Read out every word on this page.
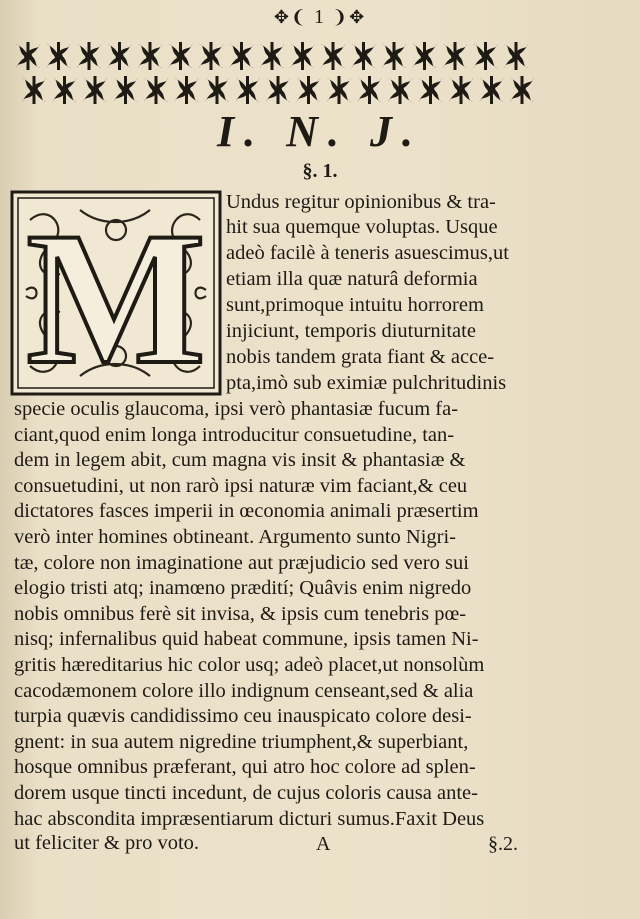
✥❨ 1 ❩✥
I. N. J.
§. 1.
M Undus regitur opinionibus & tra-
hit sua quemque voluptas. Usque
adeò facilè à teneris asuescimus,ut
etiam illa quæ naturâ deformia
sunt,primoque intuitu horrorem
injiciunt, temporis diuturnitate
nobis tandem grata fiant & acce-
pta,imò sub eximiæ pulchritudinis
specie oculis glaucoma, ipsi verò phantasiæ fucum fa-
ciant,quod enim longa introducitur consuetudine, tan-
dem in legem abit, cum magna vis insit & phantasiæ &
consuetudini, ut non rarò ipsi naturæ vim faciant,& ceu
dictatores fasces imperii in œconomia animali præsertim
verò inter homines obtineant. Argumento sunto Nigri-
tæ, colore non imaginatione aut præjudicio sed vero sui
elogio tristi atq; inamœno prædití; Quâvis enim nigredo
nobis omnibus ferè sit invisa, & ipsis cum tenebris pœ-
nisq; infernalibus quid habeat commune, ipsis tamen Ni-
gritis hæreditarius hic color usq; adeò placet,ut nonsolùm
cacodæmonem colore illo indignum censeant,sed & alia
turpia quævis candidissimo ceu inauspicato colore desi-
gnent: in sua autem nigredine triumphent,& superbiant,
hosque omnibus præferant, qui atro hoc colore ad splen-
dorem usque tincti incedunt, de cujus coloris causa ante-
hac abscondita impræsentiarum dicturi sumus.Faxit Deus
ut feliciter & pro voto.	A	§.2.
